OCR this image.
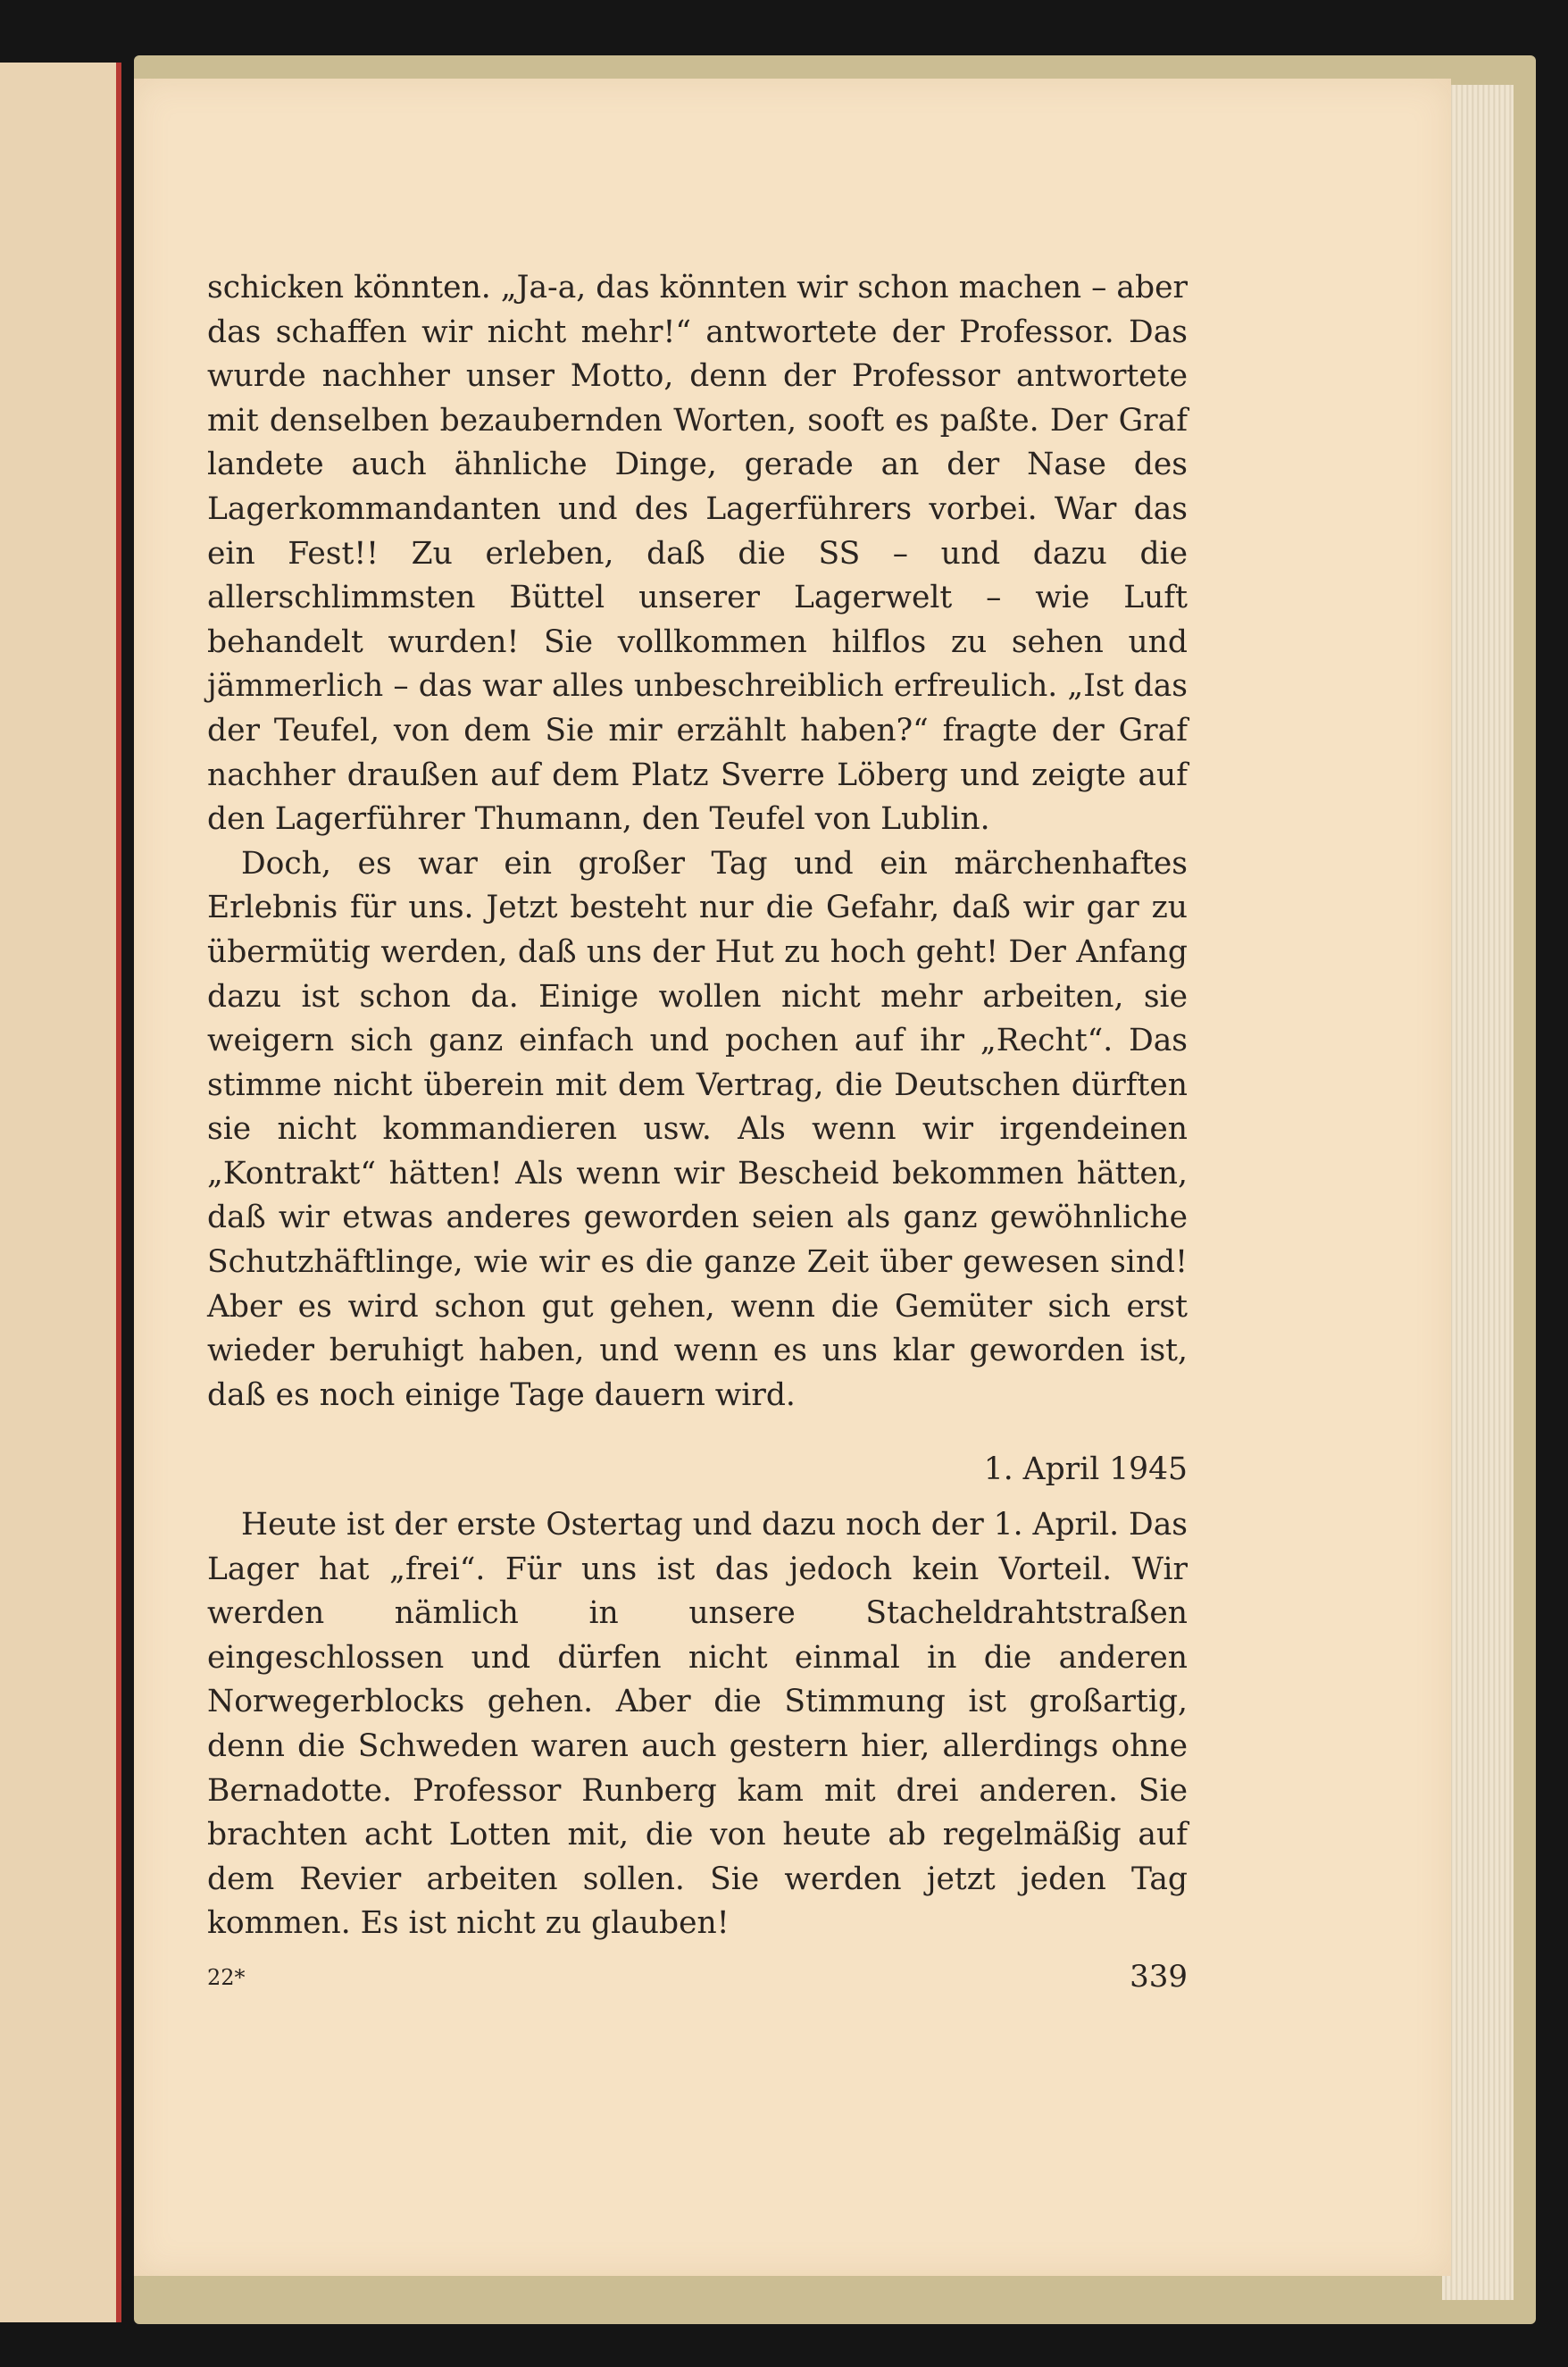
schicken könnten. „Ja-a, das könnten wir schon machen – aber das schaffen wir nicht mehr!“ antwortete der Professor. Das wurde nachher unser Motto, denn der Professor antwortete mit denselben bezaubernden Worten, sooft es paßte. Der Graf landete auch ähnliche Dinge, gerade an der Nase des Lagerkommandanten und des Lagerführers vorbei. War das ein Fest!! Zu erleben, daß die SS – und dazu die allerschlimmsten Büttel unserer Lagerwelt – wie Luft behandelt wurden! Sie vollkommen hilflos zu sehen und jämmerlich – das war alles unbeschreiblich erfreulich. „Ist das der Teufel, von dem Sie mir erzählt haben?“ fragte der Graf nachher draußen auf dem Platz Sverre Löberg und zeigte auf den Lagerführer Thumann, den Teufel von Lublin.

Doch, es war ein großer Tag und ein märchenhaftes Erlebnis für uns. Jetzt besteht nur die Gefahr, daß wir gar zu übermütig werden, daß uns der Hut zu hoch geht! Der Anfang dazu ist schon da. Einige wollen nicht mehr arbeiten, sie weigern sich ganz einfach und pochen auf ihr „Recht“. Das stimme nicht überein mit dem Vertrag, die Deutschen dürften sie nicht kommandieren usw. Als wenn wir irgendeinen „Kontrakt“ hätten! Als wenn wir Bescheid bekommen hätten, daß wir etwas anderes geworden seien als ganz gewöhnliche Schutzhäftlinge, wie wir es die ganze Zeit über gewesen sind! Aber es wird schon gut gehen, wenn die Gemüter sich erst wieder beruhigt haben, und wenn es uns klar geworden ist, daß es noch einige Tage dauern wird.

1. April 1945

Heute ist der erste Ostertag und dazu noch der 1. April. Das Lager hat „frei“. Für uns ist das jedoch kein Vorteil. Wir werden nämlich in unsere Stacheldrahtstraßen eingeschlossen und dürfen nicht einmal in die anderen Norwegerblocks gehen. Aber die Stimmung ist großartig, denn die Schweden waren auch gestern hier, allerdings ohne Bernadotte. Professor Runberg kam mit drei anderen. Sie brachten acht Lotten mit, die von heute ab regelmäßig auf dem Revier arbeiten sollen. Sie werden jetzt jeden Tag kommen. Es ist nicht zu glauben!

22*	339
